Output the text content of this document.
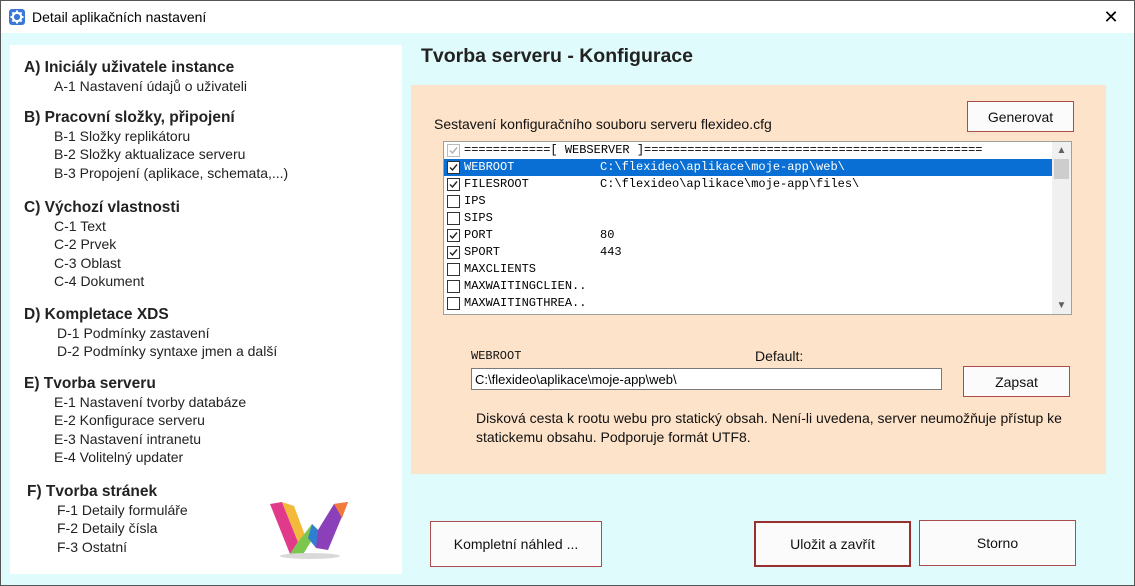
Detail aplikačních nastavení	✕
A) Iniciály uživatele instance
A-1 Nastavení údajů o uživateli
B) Pracovní složky, připojení
B-1 Složky replikátoru
B-2 Složky aktualizace serveru
B-3 Propojení (aplikace, schemata,...)
C) Výchozí vlastnosti
C-1 Text
C-2 Prvek
C-3 Oblast
C-4 Dokument
D) Kompletace XDS
D-1 Podmínky zastavení
D-2 Podmínky syntaxe jmen a další
E) Tvorba serveru
E-1 Nastavení tvorby databáze
E-2 Konfigurace serveru
E-3 Nastavení intranetu
E-4 Volitelný updater
F) Tvorba stránek
F-1 Detaily formuláře
F-2 Detaily čísla
F-3 Ostatní
Tvorba serveru - Konfigurace
Sestavení konfiguračního souboru serveru flexideo.cfg	Generovat
============[ WEBSERVER ]===============================================
WEBROOT	C:\flexideo\aplikace\moje-app\web\
FILESROOT	C:\flexideo\aplikace\moje-app\files\
IPS
SIPS
PORT	80
SPORT	443
MAXCLIENTS
MAXWAITINGCLIEN..
MAXWAITINGTHREA..
▲
▼
WEBROOT	Default:
C:\flexideo\aplikace\moje-app\web\
Zapsat
Disková cesta k rootu webu pro statický obsah. Není-li uvedena, server neumožňuje přístup ke statickemu obsahu. Podporuje formát UTF8.
Kompletní náhled ...	Uložit a zavřít	Storno
